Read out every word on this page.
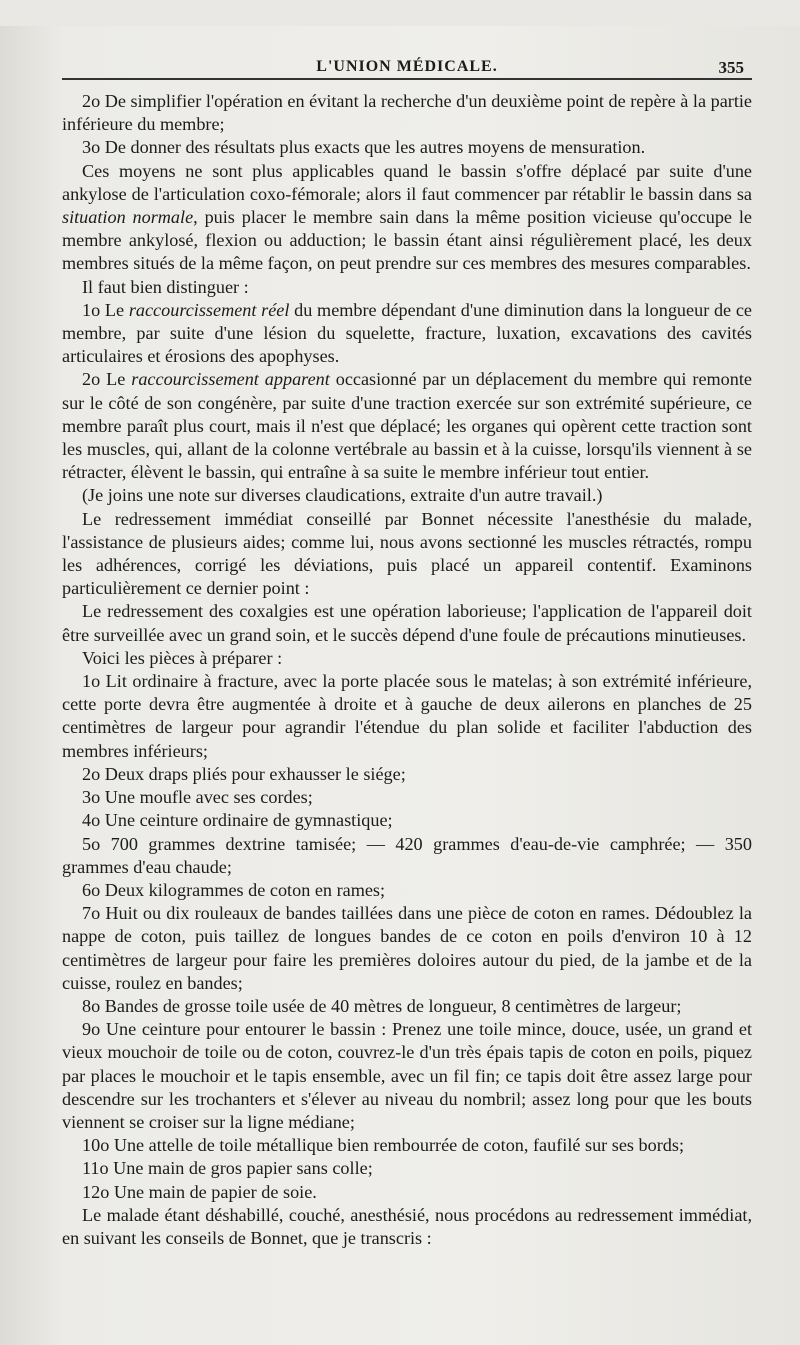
L'UNION MÉDICALE.	355

2o De simplifier l'opération en évitant la recherche d'un deuxième point de repère à la partie inférieure du membre;

3o De donner des résultats plus exacts que les autres moyens de mensuration.

Ces moyens ne sont plus applicables quand le bassin s'offre déplacé par suite d'une ankylose de l'articulation coxo-fémorale; alors il faut commencer par rétablir le bassin dans sa situation normale, puis placer le membre sain dans la même position vicieuse qu'occupe le membre ankylosé, flexion ou adduction; le bassin étant ainsi régulièrement placé, les deux membres situés de la même façon, on peut prendre sur ces membres des mesures comparables.

Il faut bien distinguer :

1o Le raccourcissement réel du membre dépendant d'une diminution dans la longueur de ce membre, par suite d'une lésion du squelette, fracture, luxation, excavations des cavités articulaires et érosions des apophyses.

2o Le raccourcissement apparent occasionné par un déplacement du membre qui remonte sur le côté de son congénère, par suite d'une traction exercée sur son extrémité supérieure, ce membre paraît plus court, mais il n'est que déplacé; les organes qui opèrent cette traction sont les muscles, qui, allant de la colonne vertébrale au bassin et à la cuisse, lorsqu'ils viennent à se rétracter, élèvent le bassin, qui entraîne à sa suite le membre inférieur tout entier.

(Je joins une note sur diverses claudications, extraite d'un autre travail.)

Le redressement immédiat conseillé par Bonnet nécessite l'anesthésie du malade, l'assistance de plusieurs aides; comme lui, nous avons sectionné les muscles rétractés, rompu les adhérences, corrigé les déviations, puis placé un appareil contentif. Examinons particulièrement ce dernier point :

Le redressement des coxalgies est une opération laborieuse; l'application de l'appareil doit être surveillée avec un grand soin, et le succès dépend d'une foule de précautions minutieuses.

Voici les pièces à préparer :

1o Lit ordinaire à fracture, avec la porte placée sous le matelas; à son extrémité inférieure, cette porte devra être augmentée à droite et à gauche de deux ailerons en planches de 25 centimètres de largeur pour agrandir l'étendue du plan solide et faciliter l'abduction des membres inférieurs;

2o Deux draps pliés pour exhausser le siége;

3o Une moufle avec ses cordes;

4o Une ceinture ordinaire de gymnastique;

5o 700 grammes dextrine tamisée; — 420 grammes d'eau-de-vie camphrée; — 350 grammes d'eau chaude;

6o Deux kilogrammes de coton en rames;

7o Huit ou dix rouleaux de bandes taillées dans une pièce de coton en rames. Dédoublez la nappe de coton, puis taillez de longues bandes de ce coton en poils d'environ 10 à 12 centimètres de largeur pour faire les premières doloires autour du pied, de la jambe et de la cuisse, roulez en bandes;

8o Bandes de grosse toile usée de 40 mètres de longueur, 8 centimètres de largeur;

9o Une ceinture pour entourer le bassin : Prenez une toile mince, douce, usée, un grand et vieux mouchoir de toile ou de coton, couvrez-le d'un très épais tapis de coton en poils, piquez par places le mouchoir et le tapis ensemble, avec un fil fin; ce tapis doit être assez large pour descendre sur les trochanters et s'élever au niveau du nombril; assez long pour que les bouts viennent se croiser sur la ligne médiane;

10o Une attelle de toile métallique bien rembourrée de coton, faufilé sur ses bords;

11o Une main de gros papier sans colle;

12o Une main de papier de soie.

Le malade étant déshabillé, couché, anesthésié, nous procédons au redressement immédiat, en suivant les conseils de Bonnet, que je transcris :
